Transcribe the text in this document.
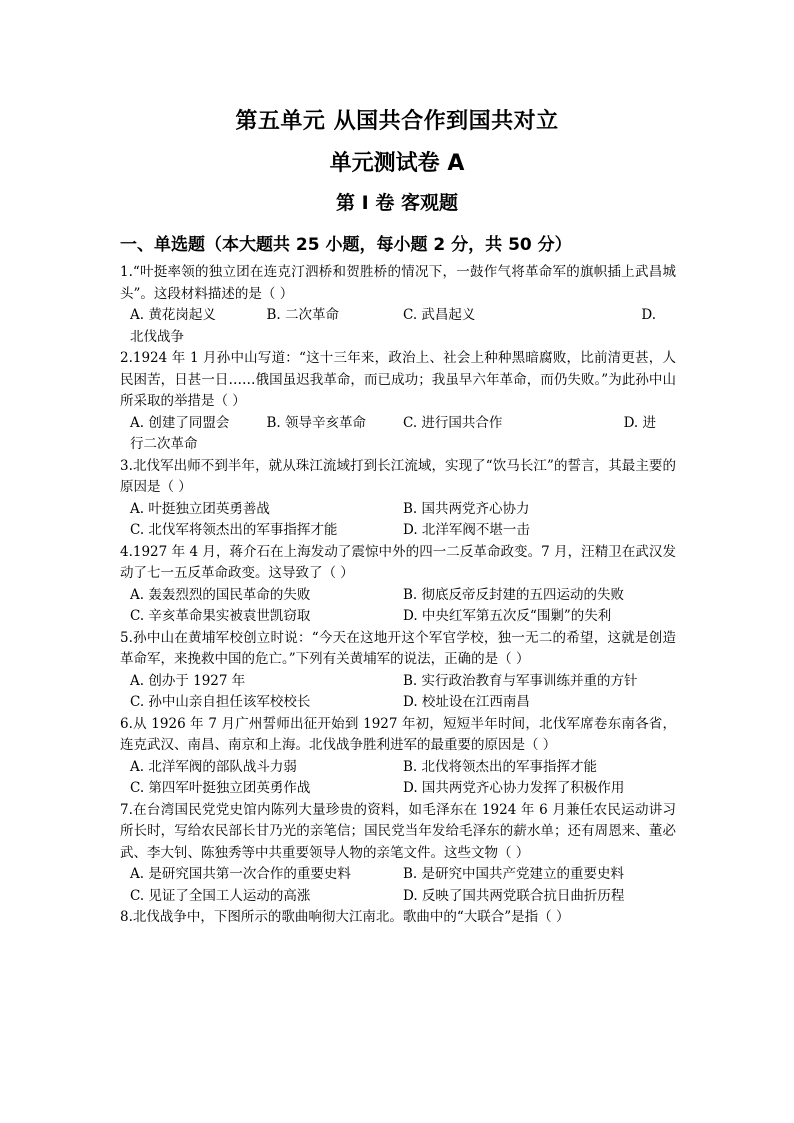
第五单元 从国共合作到国共对立
单元测试卷 A
第 I 卷 客观题
一、单选题（本大题共 25 小题，每小题 2 分，共 50 分）
1.“叶挺率领的独立团在连克汀泗桥和贺胜桥的情况下，一鼓作气将革命军的旗帜插上武昌城头”。这段材料描述的是（ ）
A. 黄花岗起义	B. 二次革命	C. 武昌起义	D.
北伐战争
2.1924 年 1 月孙中山写道：“这十三年来，政治上、社会上种种黑暗腐败，比前清更甚，人民困苦，日甚一日……俄国虽迟我革命，而已成功；我虽早六年革命，而仍失败。”为此孙中山所采取的举措是（ ）
A. 创建了同盟会	B. 领导辛亥革命	C. 进行国共合作	D. 进
行二次革命
3.北伐军出师不到半年，就从珠江流域打到长江流域，实现了“饮马长江”的誓言，其最主要的原因是（ ）
A. 叶挺独立团英勇善战	B. 国共两党齐心协力
C. 北伐军将领杰出的军事指挥才能	D. 北洋军阀不堪一击
4.1927 年 4 月，蒋介石在上海发动了震惊中外的四一二反革命政变。7 月，汪精卫在武汉发动了七一五反革命政变。这导致了（ ）
A. 轰轰烈烈的国民革命的失败	B. 彻底反帝反封建的五四运动的失败
C. 辛亥革命果实被袁世凯窃取	D. 中央红军第五次反“围剿”的失利
5.孙中山在黄埔军校创立时说：“今天在这地开这个军官学校，独一无二的希望，这就是创造革命军，来挽救中国的危亡。”下列有关黄埔军的说法，正确的是（ ）
A. 创办于 1927 年	B. 实行政治教育与军事训练并重的方针
C. 孙中山亲自担任该军校校长	D. 校址设在江西南昌
6.从 1926 年 7 月广州誓师出征开始到 1927 年初，短短半年时间，北伐军席卷东南各省，连克武汉、南昌、南京和上海。北伐战争胜利进军的最重要的原因是（ ）
A. 北洋军阀的部队战斗力弱	B. 北伐将领杰出的军事指挥才能
C. 第四军叶挺独立团英勇作战	D. 国共两党齐心协力发挥了积极作用
7.在台湾国民党党史馆内陈列大量珍贵的资料，如毛泽东在 1924 年 6 月兼任农民运动讲习所长时，写给农民部长甘乃光的亲笔信；国民党当年发给毛泽东的薪水单；还有周恩来、董必武、李大钊、陈独秀等中共重要领导人物的亲笔文件。这些文物（ ）
A. 是研究国共第一次合作的重要史料	B. 是研究中国共产党建立的重要史料
C. 见证了全国工人运动的高涨	D. 反映了国共两党联合抗日曲折历程
8.北伐战争中，下图所示的歌曲响彻大江南北。歌曲中的“大联合”是指（ ）
